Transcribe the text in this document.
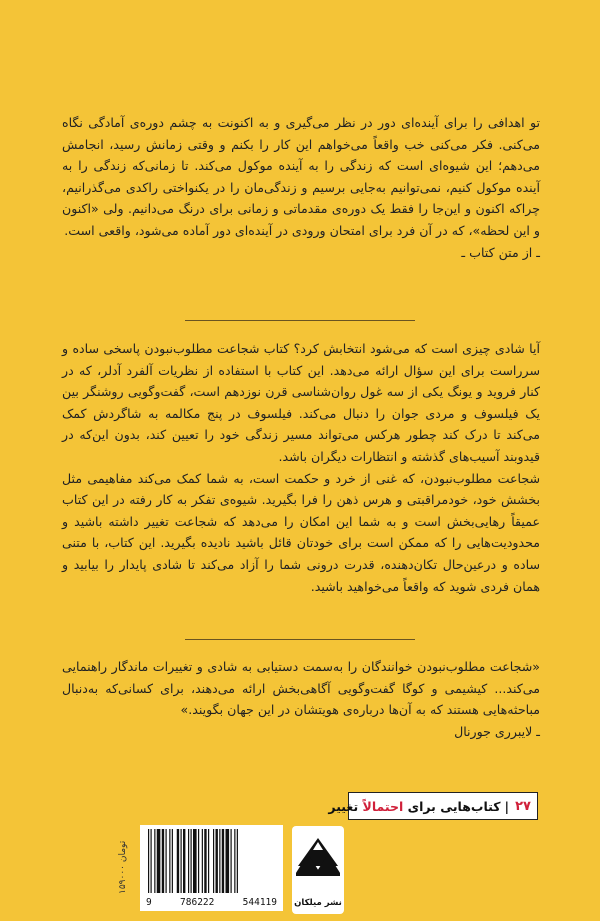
تو اهدافی را برای آینده‌ای دور در نظر می‌گیری و به اکنونت به چشم دوره‌ی آمادگی نگاه می‌کنی. فکر می‌کنی خب واقعاً می‌خواهم این کار را بکنم و وقتی زمانش رسید، انجامش می‌دهم؛ این شیوه‌ای است که زندگی را به آینده موکول می‌کند. تا زمانی‌که زندگی را به آینده موکول کنیم، نمی‌توانیم به‌جایی برسیم و زندگی‌مان را در یکنواختی راکدی می‌گذرانیم، چراکه اکنون و این‌جا را فقط یک دوره‌ی مقدماتی و زمانی برای درنگ می‌دانیم. ولی «اکنون و این لحظه»، که در آن فرد برای امتحان ورودی در آینده‌ای دور آماده می‌شود، واقعی است.

ـ از متن کتاب ـ

آیا شادی چیزی است که می‌شود انتخابش کرد؟ کتاب شجاعت مطلوب‌نبودن پاسخی ساده و سرراست برای این سؤال ارائه می‌دهد. این کتاب با استفاده از نظریات آلفرد آدلر، که در کنار فروید و یونگ یکی از سه غول روان‌شناسی قرن نوزدهم است، گفت‌وگویی روشنگر بین یک فیلسوف و مردی جوان را دنبال می‌کند. فیلسوف در پنج مکالمه به شاگردش کمک می‌کند تا درک کند چطور هرکس می‌تواند مسیر زندگی خود را تعیین کند، بدون این‌که در قیدوبند آسیب‌های گذشته و انتظارات دیگران باشد.

شجاعت مطلوب‌نبودن، که غنی از خرد و حکمت است، به شما کمک می‌کند مفاهیمی مثل بخشش خود، خودمراقبتی و هرس ذهن را فرا بگیرید. شیوه‌ی تفکر به کار رفته در این کتاب عمیقاً رهایی‌بخش است و به شما این امکان را می‌دهد که شجاعت تغییر داشته باشید و محدودیت‌هایی را که ممکن است برای خودتان قائل باشید نادیده بگیرید. این کتاب، با متنی ساده و درعین‌حال تکان‌دهنده، قدرت درونی شما را آزاد می‌کند تا شادی پایدار را بیابید و همان فردی شوید که واقعاً می‌خواهید باشید.

«شجاعت مطلوب‌نبودن خوانندگان را به‌سمت دستیابی به شادی و تغییرات ماندگار راهنمایی می‌کند... کیشیمی و کوگا گفت‌وگویی آگاهی‌بخش ارائه می‌دهند، برای کسانی‌که به‌دنبال مباحثه‌هایی هستند که به آن‌ها درباره‌ی هویتشان در این جهان بگویند.»

ـ لایبرری جورنال

۲۷
|
کتاب‌هایی برای احتمالاً تغییر
۱۵۹۰۰۰ تومان
9	786222	544119 نشر میلکان
